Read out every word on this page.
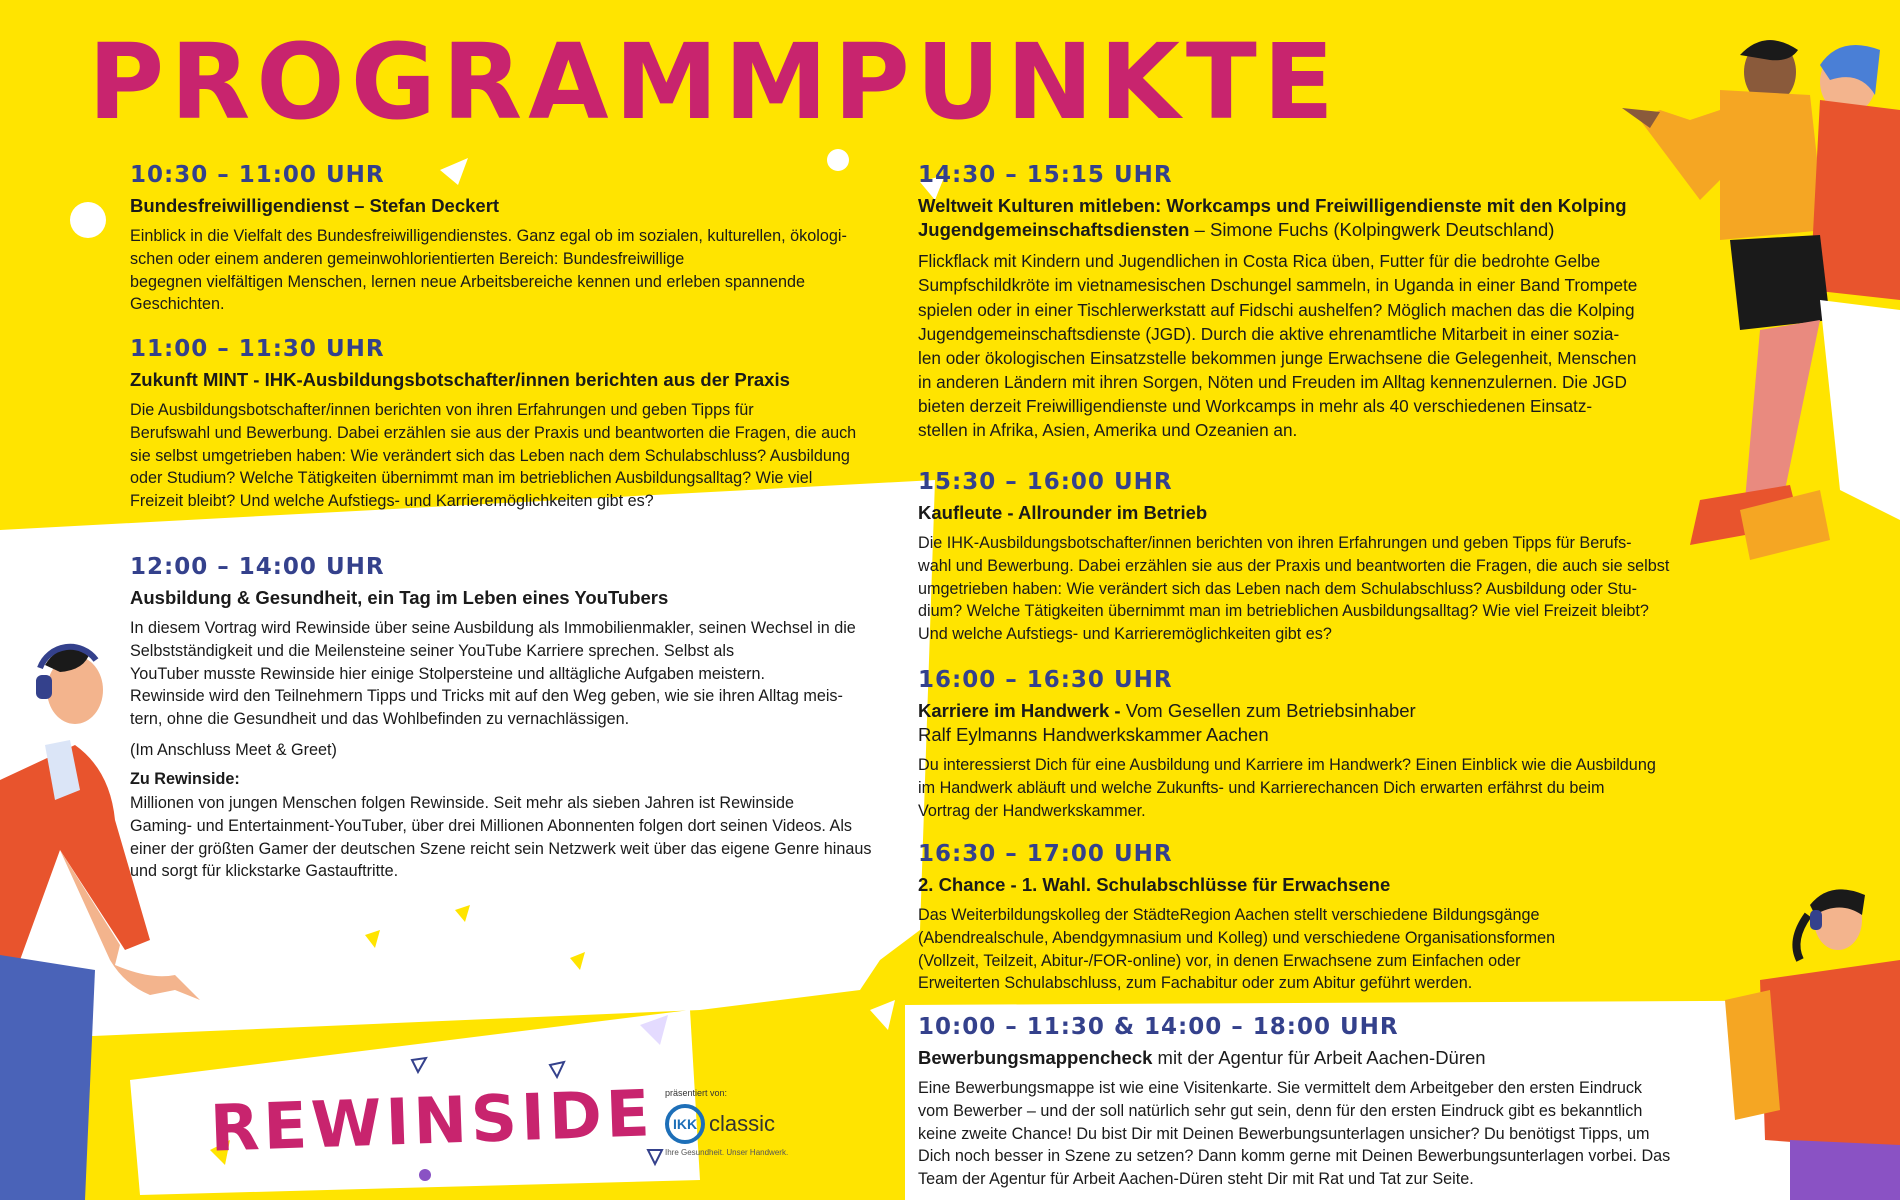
PROGRAMMPUNKTE
10:30 – 11:00 UHR
Bundesfreiwilligendienst – Stefan Deckert
Einblick in die Vielfalt des Bundesfreiwilligendienstes. Ganz egal ob im sozialen, kulturellen, ökologi-
schen oder einem anderen gemeinwohlorientierten Bereich: Bundesfreiwillige
begegnen vielfältigen Menschen, lernen neue Arbeitsbereiche kennen und erleben spannende
Geschichten.
11:00 – 11:30 UHR
Zukunft MINT - IHK-Ausbildungsbotschafter/innen berichten aus der Praxis
Die Ausbildungsbotschafter/innen berichten von ihren Erfahrungen und geben Tipps für
Berufswahl und Bewerbung. Dabei erzählen sie aus der Praxis und beantworten die Fragen, die auch
sie selbst umgetrieben haben: Wie verändert sich das Leben nach dem Schulabschluss? Ausbildung
oder Studium? Welche Tätigkeiten übernimmt man im betrieblichen Ausbildungsalltag? Wie viel
Freizeit bleibt? Und welche Aufstiegs- und Karrieremöglichkeiten gibt es?
12:00 – 14:00 UHR
Ausbildung & Gesundheit, ein Tag im Leben eines YouTubers
In diesem Vortrag wird Rewinside über seine Ausbildung als Immobilienmakler, seinen Wechsel in die
Selbstständigkeit und die Meilensteine seiner YouTube Karriere sprechen. Selbst als
YouTuber musste Rewinside hier einige Stolpersteine und alltägliche Aufgaben meistern.
Rewinside wird den Teilnehmern Tipps und Tricks mit auf den Weg geben, wie sie ihren Alltag meis-
tern, ohne die Gesundheit und das Wohlbefinden zu vernachlässigen.
(Im Anschluss Meet & Greet)
Zu Rewinside:
Millionen von jungen Menschen folgen Rewinside. Seit mehr als sieben Jahren ist Rewinside
Gaming- und Entertainment-YouTuber, über drei Millionen Abonnenten folgen dort seinen Videos. Als
einer der größten Gamer der deutschen Szene reicht sein Netzwerk weit über das eigene Genre hinaus
und sorgt für klickstarke Gastauftritte.
14:30 – 15:15 UHR
Weltweit Kulturen mitleben: Workcamps und Freiwilligendienste mit den Kolping
Jugendgemeinschaftsdiensten – Simone Fuchs (Kolpingwerk Deutschland)
Flickflack mit Kindern und Jugendlichen in Costa Rica üben, Futter für die bedrohte Gelbe
Sumpfschildkröte im vietnamesischen Dschungel sammeln, in Uganda in einer Band Trompete
spielen oder in einer Tischlerwerkstatt auf Fidschi aushelfen? Möglich machen das die Kolping
Jugendgemeinschaftsdienste (JGD). Durch die aktive ehrenamtliche Mitarbeit in einer sozia-
len oder ökologischen Einsatzstelle bekommen junge Erwachsene die Gelegenheit, Menschen
in anderen Ländern mit ihren Sorgen, Nöten und Freuden im Alltag kennenzulernen. Die JGD
bieten derzeit Freiwilligendienste und Workcamps in mehr als 40 verschiedenen Einsatz-
stellen in Afrika, Asien, Amerika und Ozeanien an.
15:30 – 16:00 UHR
Kaufleute - Allrounder im Betrieb
Die IHK-Ausbildungsbotschafter/innen berichten von ihren Erfahrungen und geben Tipps für Berufs-
wahl und Bewerbung. Dabei erzählen sie aus der Praxis und beantworten die Fragen, die auch sie selbst
umgetrieben haben: Wie verändert sich das Leben nach dem Schulabschluss? Ausbildung oder Stu-
dium? Welche Tätigkeiten übernimmt man im betrieblichen Ausbildungsalltag? Wie viel Freizeit bleibt?
Und welche Aufstiegs- und Karrieremöglichkeiten gibt es?
16:00 – 16:30 UHR
Karriere im Handwerk - Vom Gesellen zum Betriebsinhaber
Ralf Eylmanns Handwerkskammer Aachen
Du interessierst Dich für eine Ausbildung und Karriere im Handwerk? Einen Einblick wie die Ausbildung
im Handwerk abläuft und welche Zukunfts- und Karrierechancen Dich erwarten erfährst du beim
Vortrag der Handwerkskammer.
16:30 – 17:00 UHR
2. Chance - 1. Wahl. Schulabschlüsse für Erwachsene
Das Weiterbildungskolleg der StädteRegion Aachen stellt verschiedene Bildungsgänge
(Abendrealschule, Abendgymnasium und Kolleg) und verschiedene Organisationsformen
(Vollzeit, Teilzeit, Abitur-/FOR-online) vor, in denen Erwachsene zum Einfachen oder
Erweiterten Schulabschluss, zum Fachabitur oder zum Abitur geführt werden.
10:00 – 11:30 & 14:00 – 18:00 UHR
Bewerbungsmappencheck mit der Agentur für Arbeit Aachen-Düren
Eine Bewerbungsmappe ist wie eine Visitenkarte. Sie vermittelt dem Arbeitgeber den ersten Eindruck
vom Bewerber – und der soll natürlich sehr gut sein, denn für den ersten Eindruck gibt es bekanntlich
keine zweite Chance! Du bist Dir mit Deinen Bewerbungsunterlagen unsicher? Du benötigst Tipps, um
Dich noch besser in Szene zu setzen? Dann komm gerne mit Deinen Bewerbungsunterlagen vorbei. Das
Team der Agentur für Arbeit Aachen-Düren steht Dir mit Rat und Tat zur Seite.
REWINSIDE präsentiert von:
IKK classic
Ihre Gesundheit. Unser Handwerk.
